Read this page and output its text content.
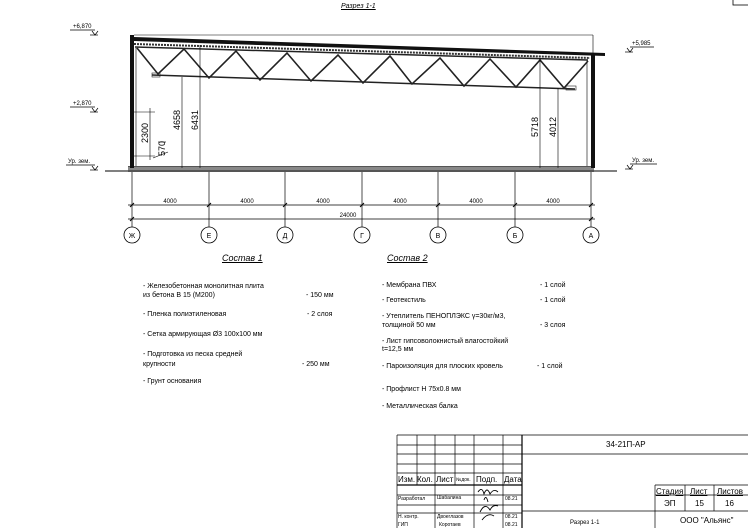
Ж	Е	Д	Г	В	Б	А
4000	4000	4000	4000	4000	4000
24000
2300
570
4658 6431	5718 4012
+6,870
+2,870
Ур. зем.
+5,985
Ур. зем.
Разрез 1-1
Состав 1	Состав 2
- Железобетонная монолитная плита
из бетона В 15 (М200)	- 150 мм
- Пленка полиэтиленовая	- 2 слоя
- Сетка армирующая Ø3 100х100 мм
- Подготовка из песка средней
крупности	- 250 мм
- Грунт основания
- Мембрана ПВХ	- 1 слой
- Геотекстиль	- 1 слой
- Утеплитель ПЕНОПЛЭКС γ=30кг/м3,
толщиной 50 мм	- 3 слоя
- Лист гипсоволокнистый влагостойкий
t=12,5 мм
- Пароизоляция для плоских кровель	- 1 слой
- Профлист Н 75х0.8 мм
- Металлическая балка
34-21П-АР
Изм. Кол. Лист №док. Подп. Дата
Разработал Шабалина	08.21
Н. контр.	Двоеглазов	08.21
ГИП	Коротаев	08.21
Стадия Лист Листов
ЭП 15	16
Разрез 1-1	ООО "Альянс"
